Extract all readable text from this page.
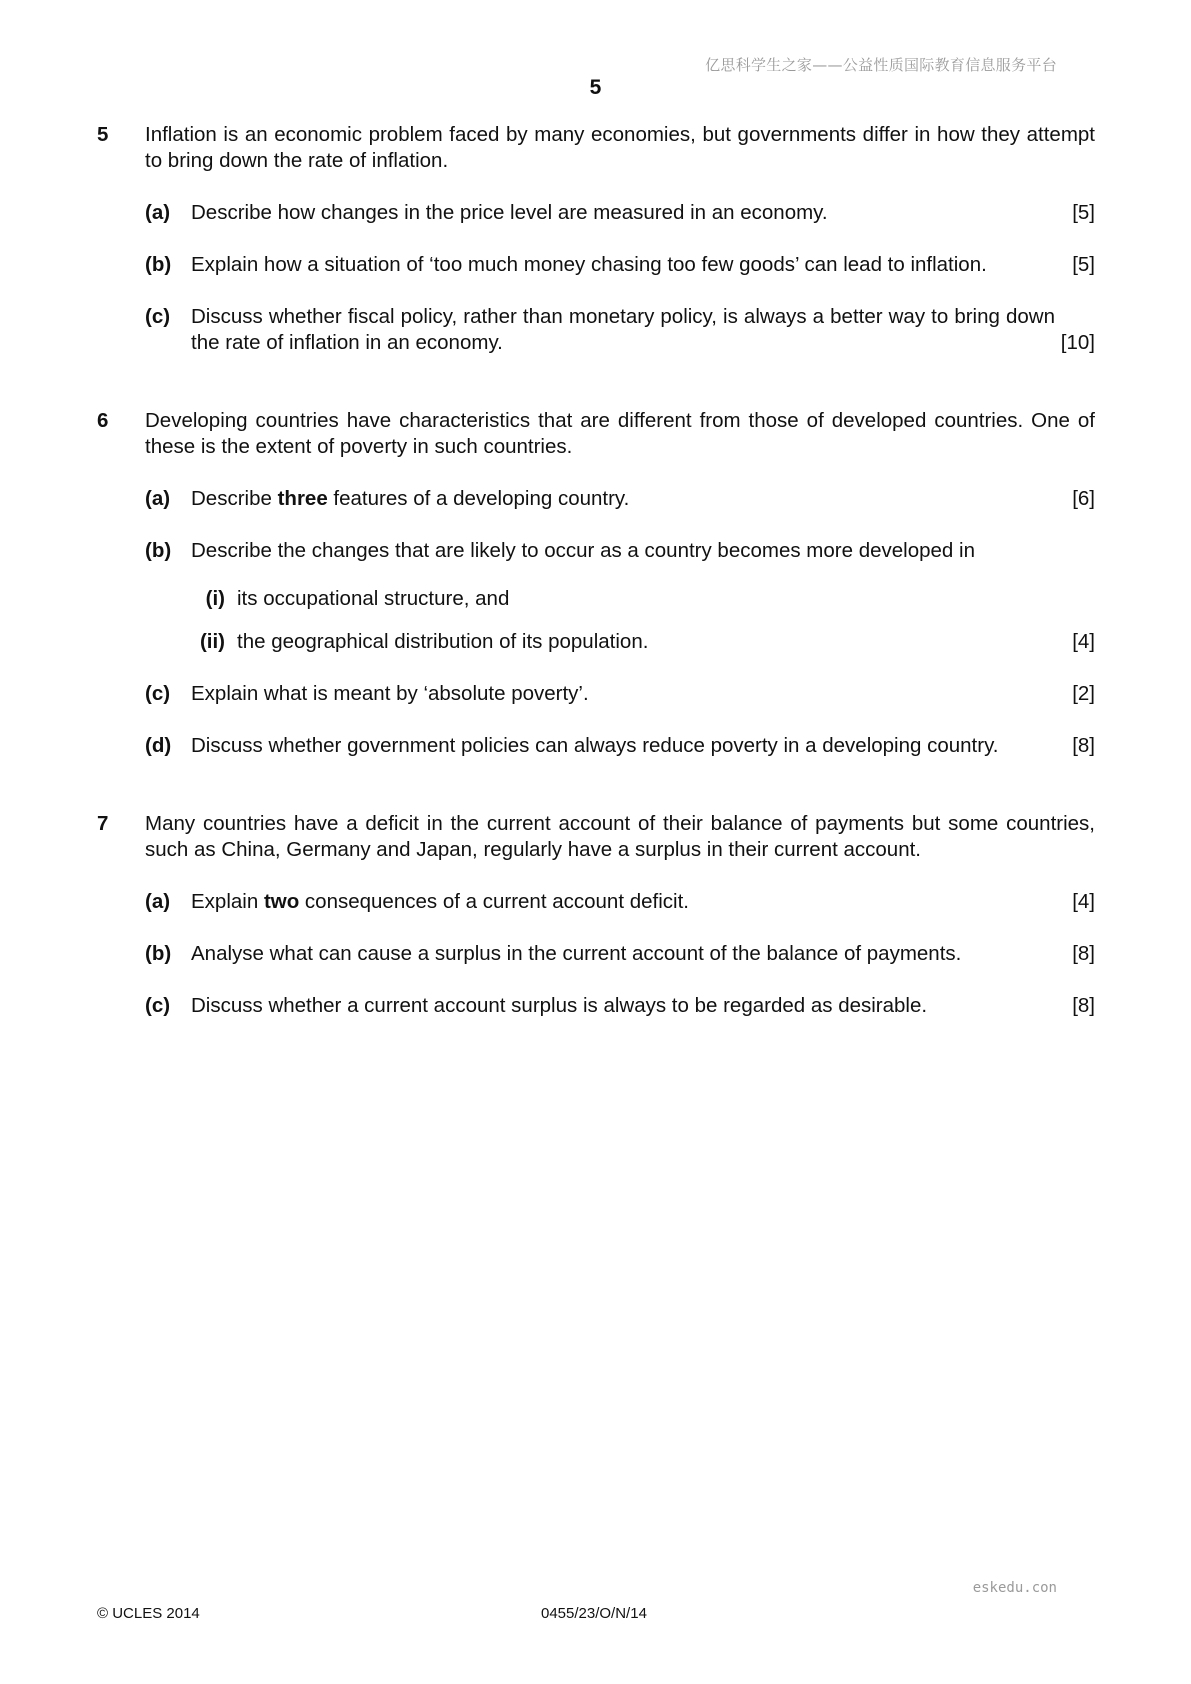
亿思科学生之家——公益性质国际教育信息服务平台
5
5 Inflation is an economic problem faced by many economies, but governments differ in how they attempt to bring down the rate of inflation.
(a) Describe how changes in the price level are measured in an economy.	[5]
(b) Explain how a situation of ‘too much money chasing too few goods’ can lead to inflation.	[5]
(c) Discuss whether fiscal policy, rather than monetary policy, is always a better way to bring down the rate of inflation in an economy.	[10]
6 Developing countries have characteristics that are different from those of developed countries. One of these is the extent of poverty in such countries.
(a) Describe three features of a developing country.	[6]
(b) Describe the changes that are likely to occur as a country becomes more developed in
(i) its occupational structure, and
(ii) the geographical distribution of its population.	[4]
(c) Explain what is meant by ‘absolute poverty’.	[2]
(d) Discuss whether government policies can always reduce poverty in a developing country.	[8]
7 Many countries have a deficit in the current account of their balance of payments but some countries, such as China, Germany and Japan, regularly have a surplus in their current account.
(a) Explain two consequences of a current account deficit.	[4]
(b) Analyse what can cause a surplus in the current account of the balance of payments.	[8]
(c) Discuss whether a current account surplus is always to be regarded as desirable.	[8]
eskedu.con
© UCLES 2014	0455/23/O/N/14
